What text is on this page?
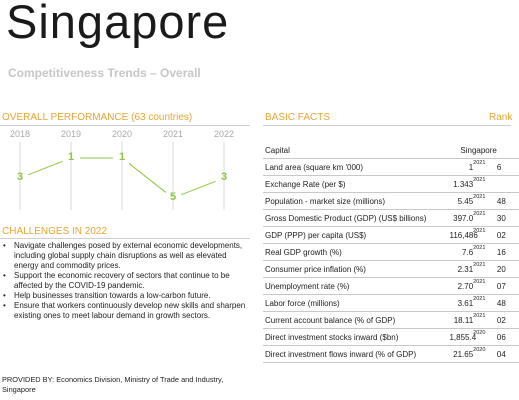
Singapore
Competitiveness Trends – Overall
OVERALL PERFORMANCE (63 countries)
2018	2019	2020	2021	2022
3
1	1
5
3
CHALLENGES IN 2022
• Navigate challenges posed by external economic developments, including global supply chain disruptions as well as elevated energy and commodity prices.
• Support the economic recovery of sectors that continue to be affected by the COVID-19 pandemic.
• Help businesses transition towards a low-carbon future.
• Ensure that workers continuously develop new skills and sharpen existing ones to meet labour demand in growth sectors.
PROVIDED BY: Economics Division, Ministry of Trade and Industry, Singapore
BASIC FACTS	Rank
Capital	Singapore		
Land area (square km '000)	1	2021	6
Exchange Rate (per $)	1.343	2021	
Population - market size (millions)	5.45	2021	48
Gross Domestic Product (GDP) (US$ billions)	397.0	2021	30
GDP (PPP) per capita (US$)	116,486	2021	02
Real GDP growth (%)	7.6	2021	16
Consumer price inflation (%)	2.31	2021	20
Unemployment rate (%)	2.70	2021	07
Labor force (millions)	3.61	2021	48
Current account balance (% of GDP)	18.11	2021	02
Direct investment stocks inward ($bn)	1,855.4	2020	06
Direct investment flows inward (% of GDP)	21.65	2020	04
